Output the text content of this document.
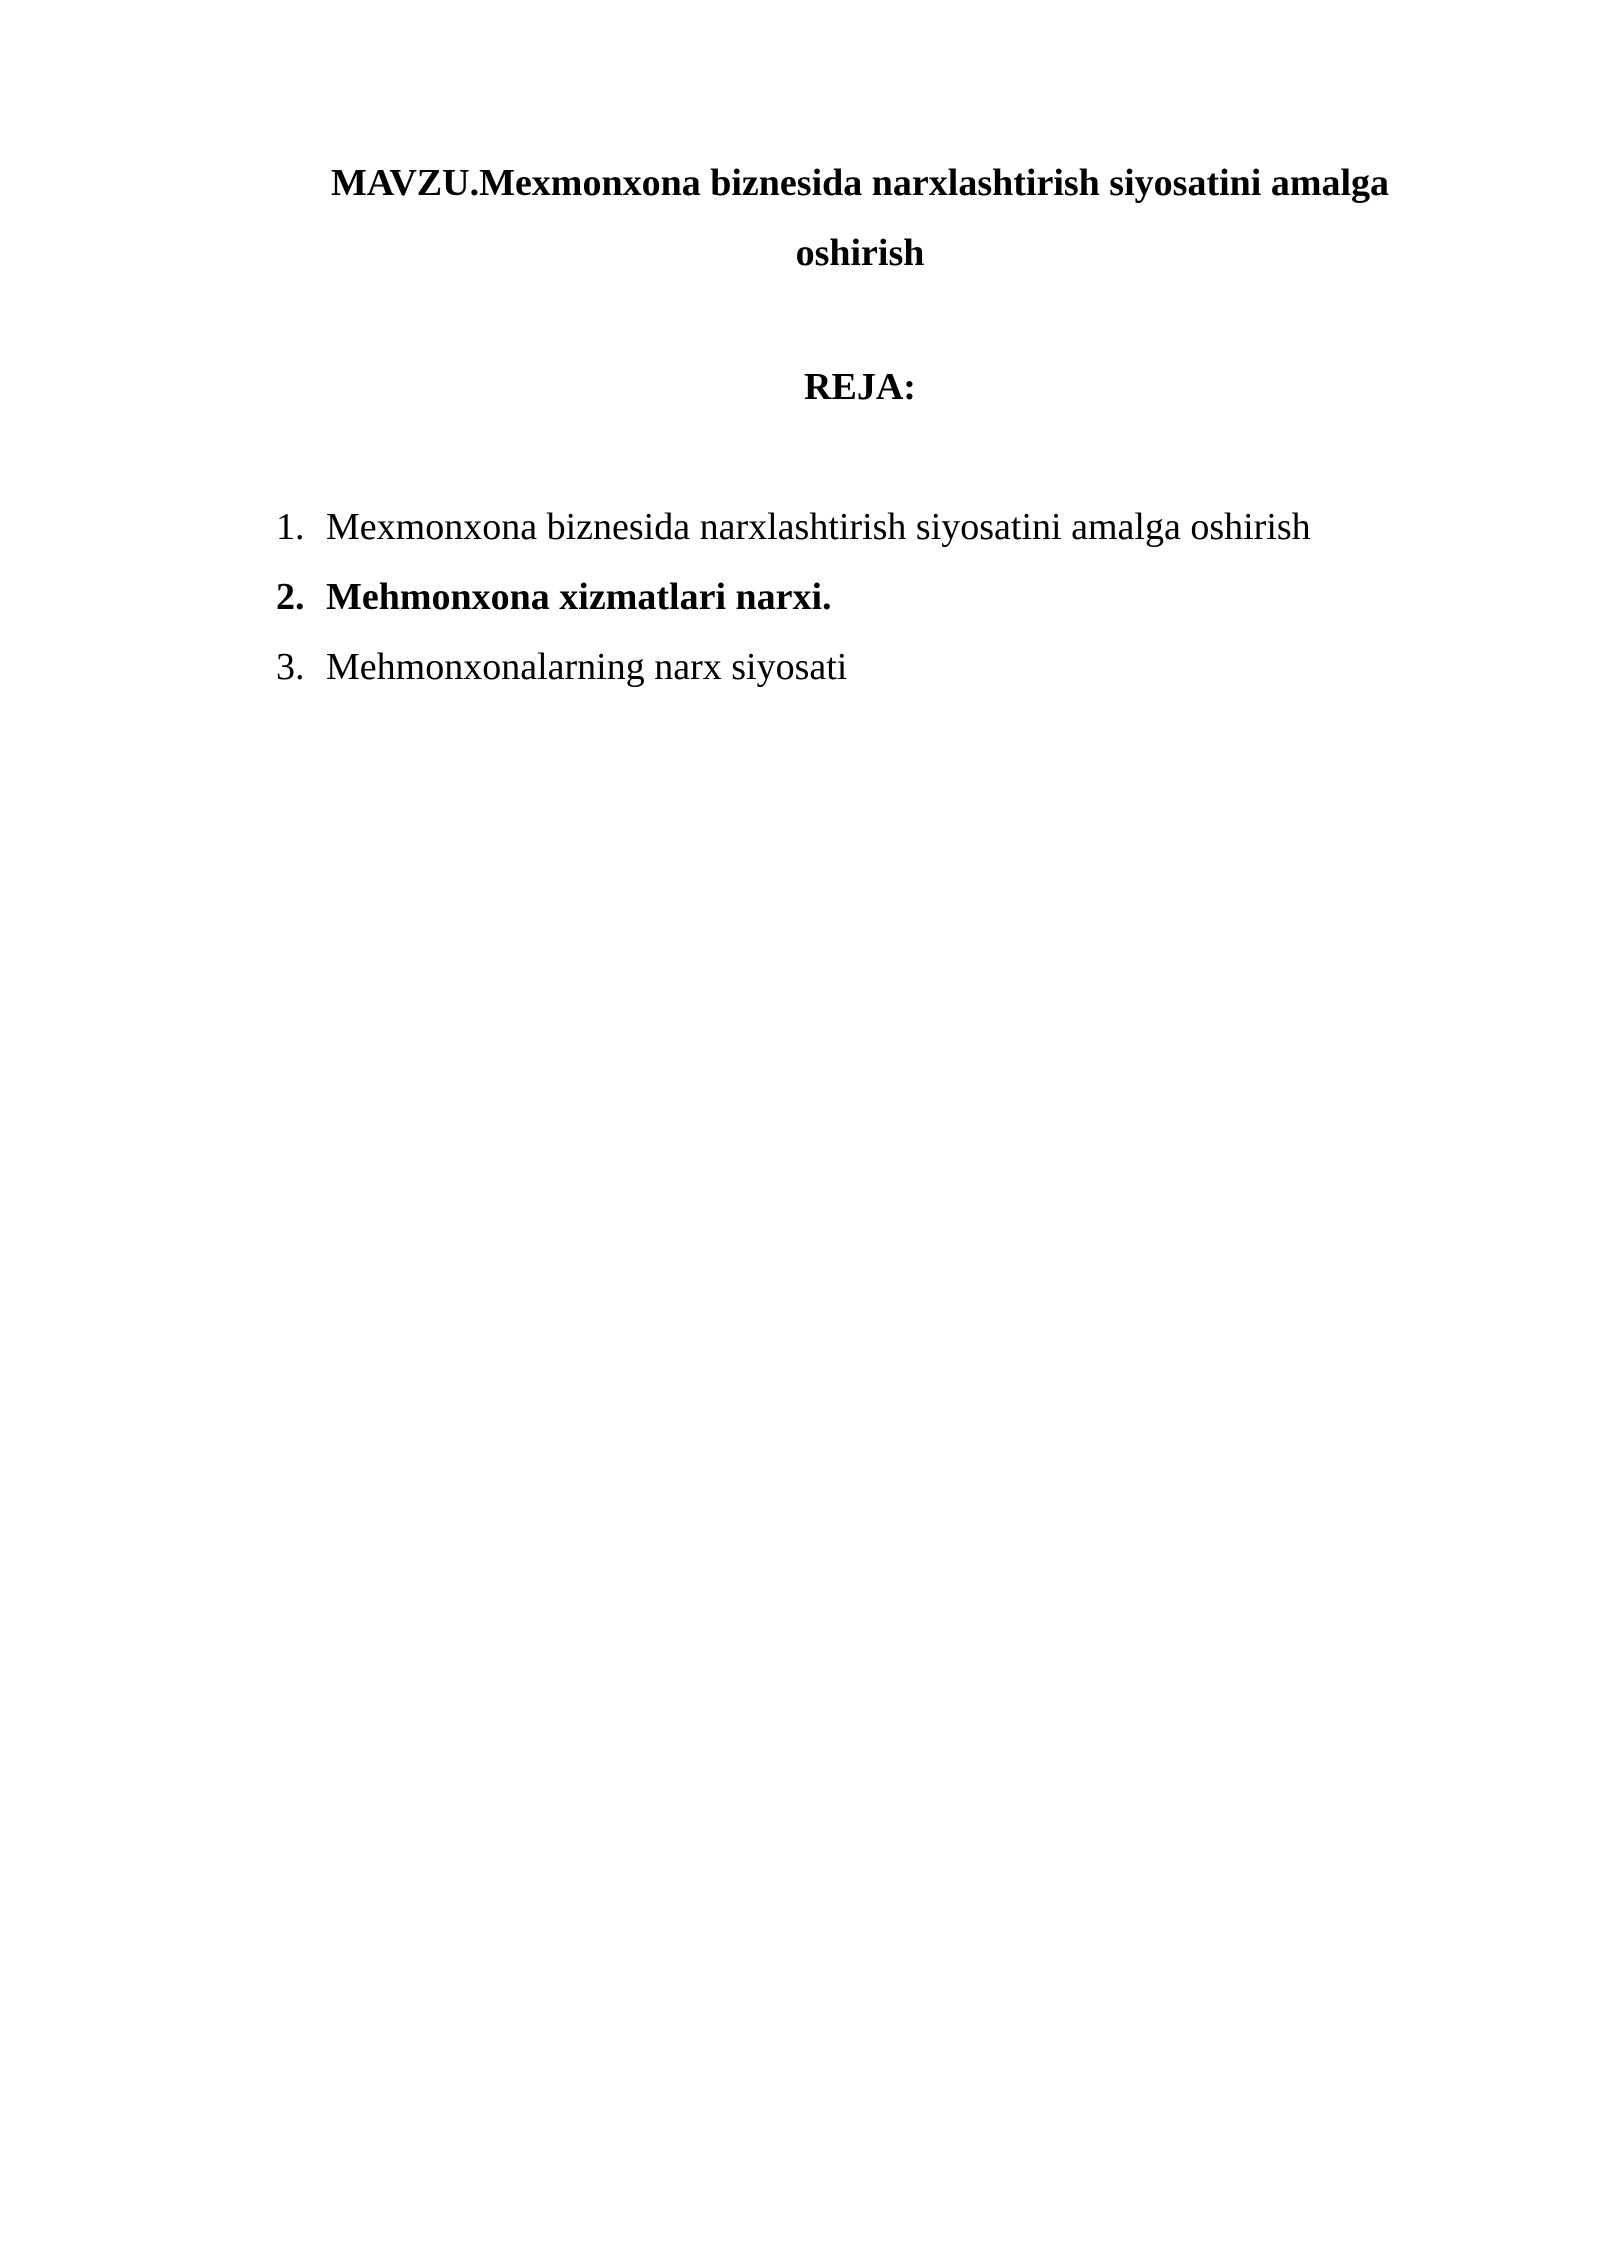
MAVZU.Mexmonxona biznesida narxlashtirish siyosatini amalga oshirish
REJA:
1. Mexmonxona biznesida narxlashtirish siyosatini amalga oshirish
2. Mehmonxona xizmatlari narxi.
3. Mehmonxonalarning narx siyosati
